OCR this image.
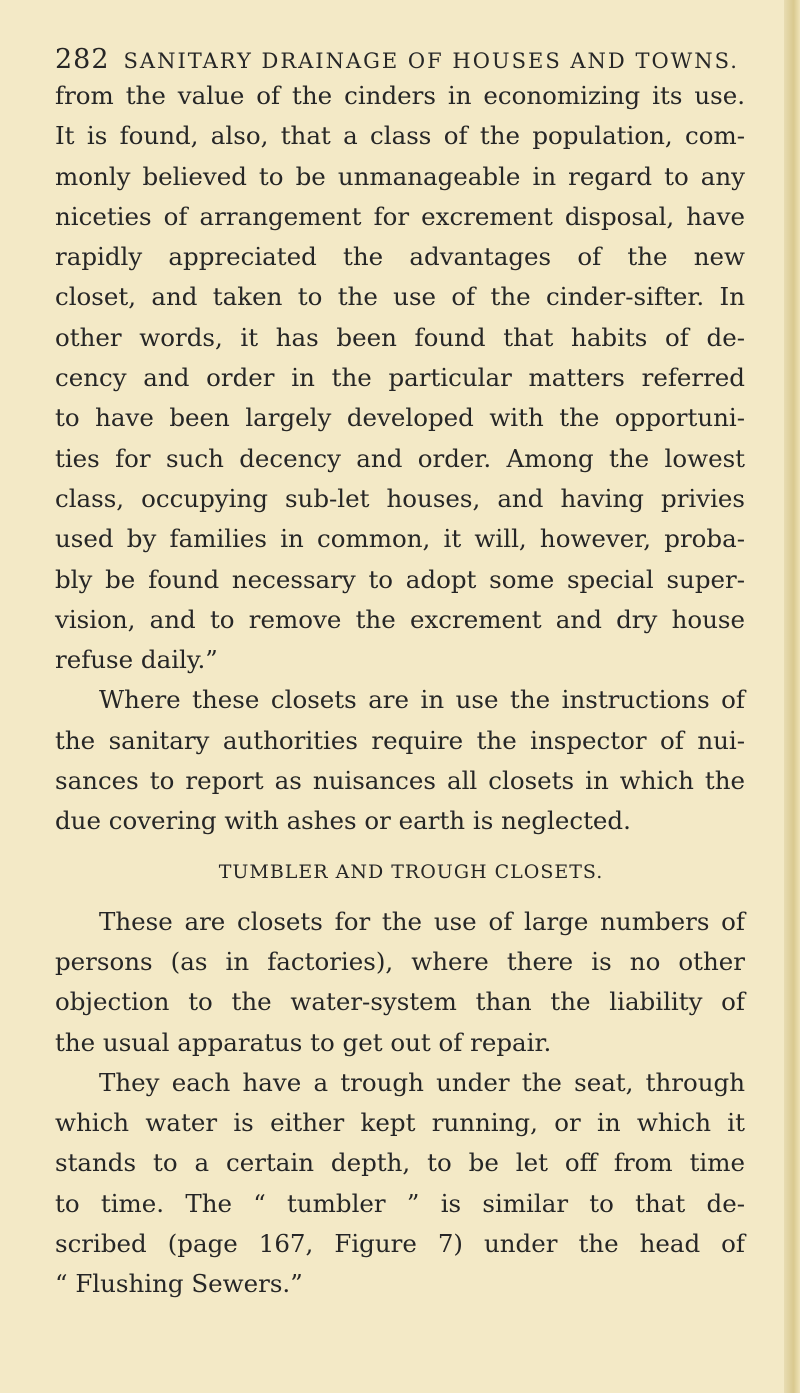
282 SANITARY DRAINAGE OF HOUSES AND TOWNS.
from the value of the cinders in economizing its use.
It is found, also, that a class of the population, com-
monly believed to be unmanageable in regard to any
niceties of arrangement for excrement disposal, have
rapidly appreciated the advantages of the new
closet, and taken to the use of the cinder-sifter. In
other words, it has been found that habits of de-
cency and order in the particular matters referred
to have been largely developed with the opportuni-
ties for such decency and order. Among the lowest
class, occupying sub-let houses, and having privies
used by families in common, it will, however, proba-
bly be found necessary to adopt some special super-
vision, and to remove the excrement and dry house
refuse daily.”
Where these closets are in use the instructions of
the sanitary authorities require the inspector of nui-
sances to report as nuisances all closets in which the
due covering with ashes or earth is neglected.
TUMBLER AND TROUGH CLOSETS.
These are closets for the use of large numbers of
persons (as in factories), where there is no other
objection to the water-system than the liability of
the usual apparatus to get out of repair.
They each have a trough under the seat, through
which water is either kept running, or in which it
stands to a certain depth, to be let off from time
to time. The “ tumbler ” is similar to that de-
scribed (page 167, Figure 7) under the head of
“ Flushing Sewers.”
